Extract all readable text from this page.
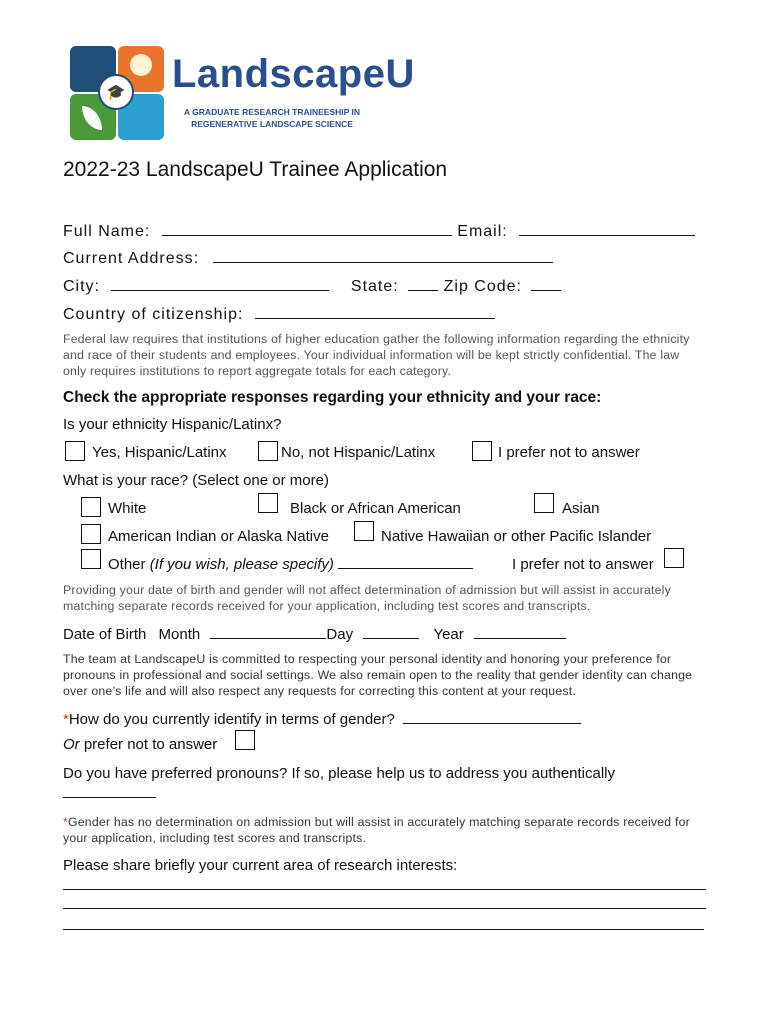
🎓 LandscapeU
A GRADUATE RESEARCH TRAINEESHIP IN REGENERATIVE LANDSCAPE SCIENCE
2022-23 LandscapeU Trainee Application
Full Name:	Email:
Current Address:
City:	State:	Zip Code:
Country of citizenship:
Federal law requires that institutions of higher education gather the following information regarding the ethnicity and race of their students and employees. Your individual information will be kept strictly confidential. The law only requires institutions to report aggregate totals for each category.
Check the appropriate responses regarding your ethnicity and your race:
Is your ethnicity Hispanic/Latinx?
Yes, Hispanic/Latinx	No, not Hispanic/Latinx	I prefer not to answer
What is your race? (Select one or more)
White	Black or African American	Asian
American Indian or Alaska Native	Native Hawaiian or other Pacific Islander
Other (If you wish, please specify)	I prefer not to answer
Providing your date of birth and gender will not affect determination of admission but will assist in accurately matching separate records received for your application, including test scores and transcripts.
Date of Birth Month	Day	Year
The team at LandscapeU is committed to respecting your personal identity and honoring your preference for pronouns in professional and social settings. We also remain open to the reality that gender identity can change over one’s life and will also respect any requests for correcting this content at your request.
*How do you currently identify in terms of gender?
Or prefer not to answer
Do you have preferred pronouns? If so, please help us to address you authentically
*Gender has no determination on admission but will assist in accurately matching separate records received for your application, including test scores and transcripts.
Please share briefly your current area of research interests:
